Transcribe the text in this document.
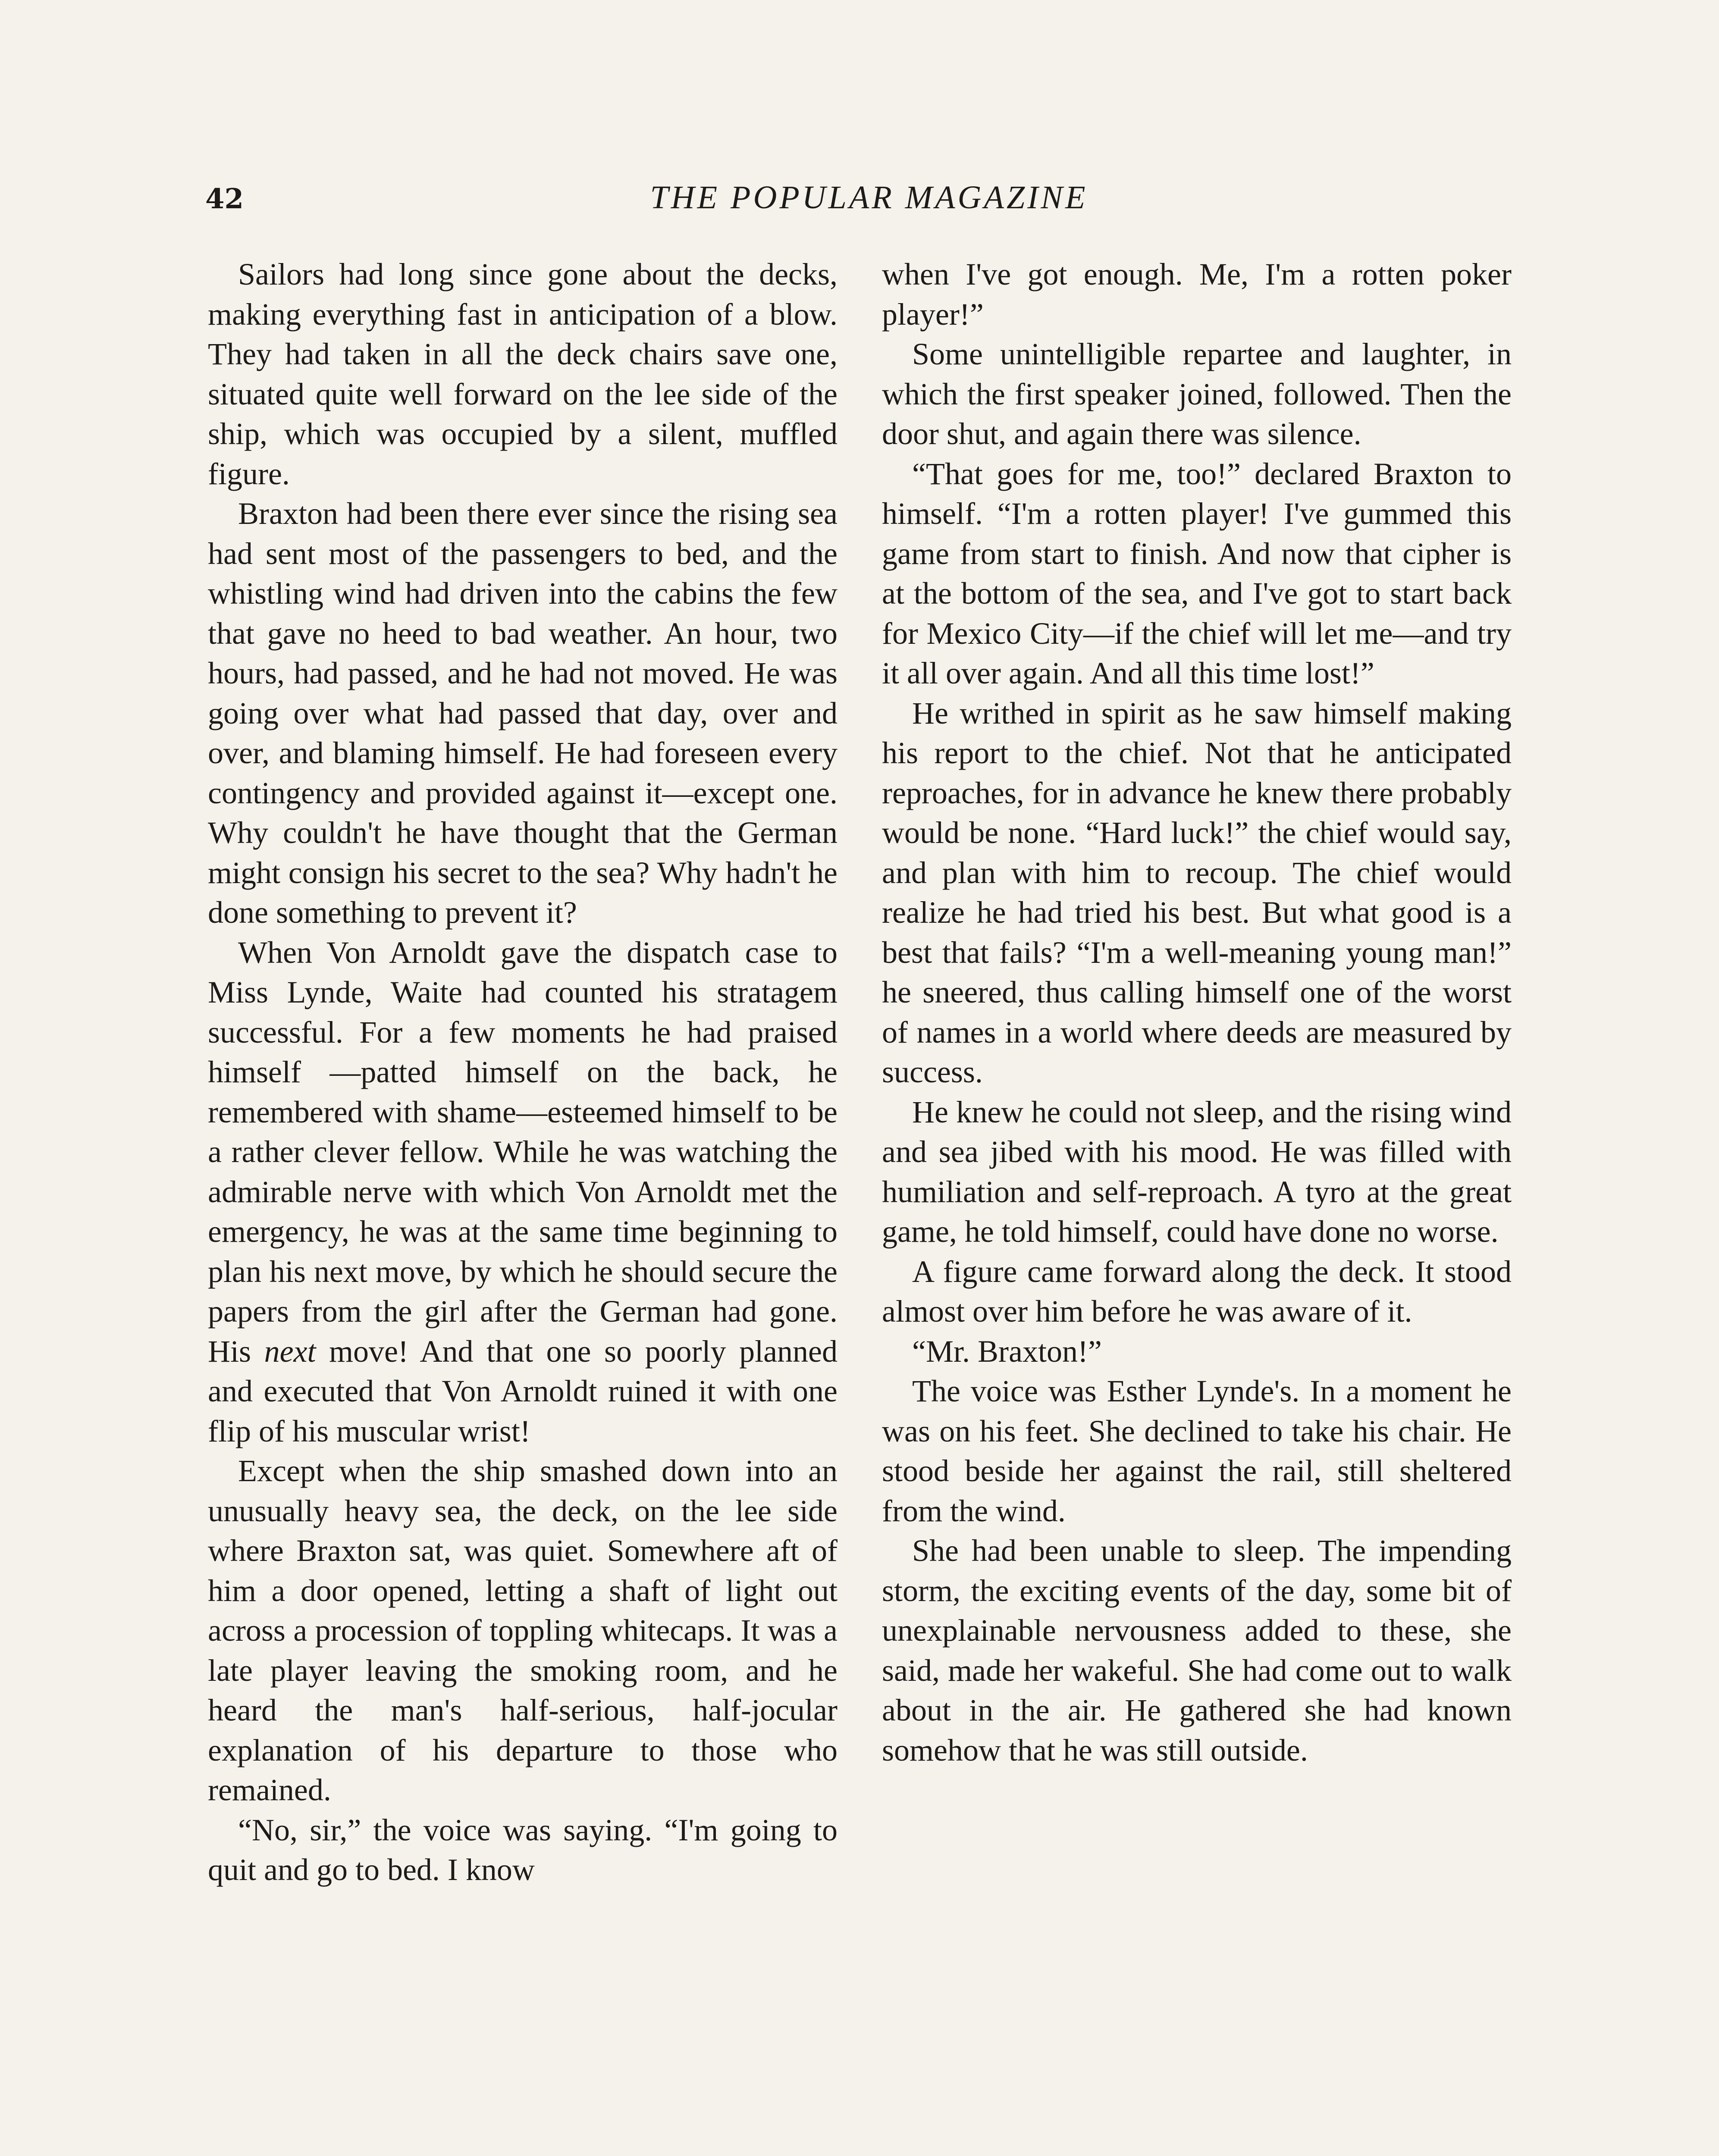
42	THE POPULAR MAGAZINE

Sailors had long since gone about the decks, making everything fast in anticipation of a blow. They had taken in all the deck chairs save one, situated quite well forward on the lee side of the ship, which was occupied by a silent, muffled figure.

Braxton had been there ever since the rising sea had sent most of the passengers to bed, and the whistling wind had driven into the cabins the few that gave no heed to bad weather. An hour, two hours, had passed, and he had not moved. He was going over what had passed that day, over and over, and blaming himself. He had foreseen every contingency and provided against it—except one. Why couldn't he have thought that the German might consign his secret to the sea? Why hadn't he done something to prevent it?

When Von Arnoldt gave the dispatch case to Miss Lynde, Waite had counted his stratagem successful. For a few moments he had praised himself —patted himself on the back, he remembered with shame—esteemed himself to be a rather clever fellow. While he was watching the admirable nerve with which Von Arnoldt met the emergency, he was at the same time beginning to plan his next move, by which he should secure the papers from the girl after the German had gone. His next move! And that one so poorly planned and executed that Von Arnoldt ruined it with one flip of his muscular wrist!

Except when the ship smashed down into an unusually heavy sea, the deck, on the lee side where Braxton sat, was quiet. Somewhere aft of him a door opened, letting a shaft of light out across a procession of toppling whitecaps. It was a late player leaving the smoking room, and he heard the man's half-serious, half-jocular explanation of his departure to those who remained.

“No, sir,” the voice was saying. “I'm going to quit and go to bed. I know

when I've got enough. Me, I'm a rotten poker player!”

Some unintelligible repartee and laughter, in which the first speaker joined, followed. Then the door shut, and again there was silence.

“That goes for me, too!” declared Braxton to himself. “I'm a rotten player! I've gummed this game from start to finish. And now that cipher is at the bottom of the sea, and I've got to start back for Mexico City—if the chief will let me—and try it all over again. And all this time lost!”

He writhed in spirit as he saw himself making his report to the chief. Not that he anticipated reproaches, for in advance he knew there probably would be none. “Hard luck!” the chief would say, and plan with him to recoup. The chief would realize he had tried his best. But what good is a best that fails? “I'm a well-meaning young man!” he sneered, thus calling himself one of the worst of names in a world where deeds are measured by success.

He knew he could not sleep, and the rising wind and sea jibed with his mood. He was filled with humiliation and self-reproach. A tyro at the great game, he told himself, could have done no worse.

A figure came forward along the deck. It stood almost over him before he was aware of it.

“Mr. Braxton!”

The voice was Esther Lynde's. In a moment he was on his feet. She declined to take his chair. He stood beside her against the rail, still sheltered from the wind.

She had been unable to sleep. The impending storm, the exciting events of the day, some bit of unexplainable nervousness added to these, she said, made her wakeful. She had come out to walk about in the air. He gathered she had known somehow that he was still outside.
